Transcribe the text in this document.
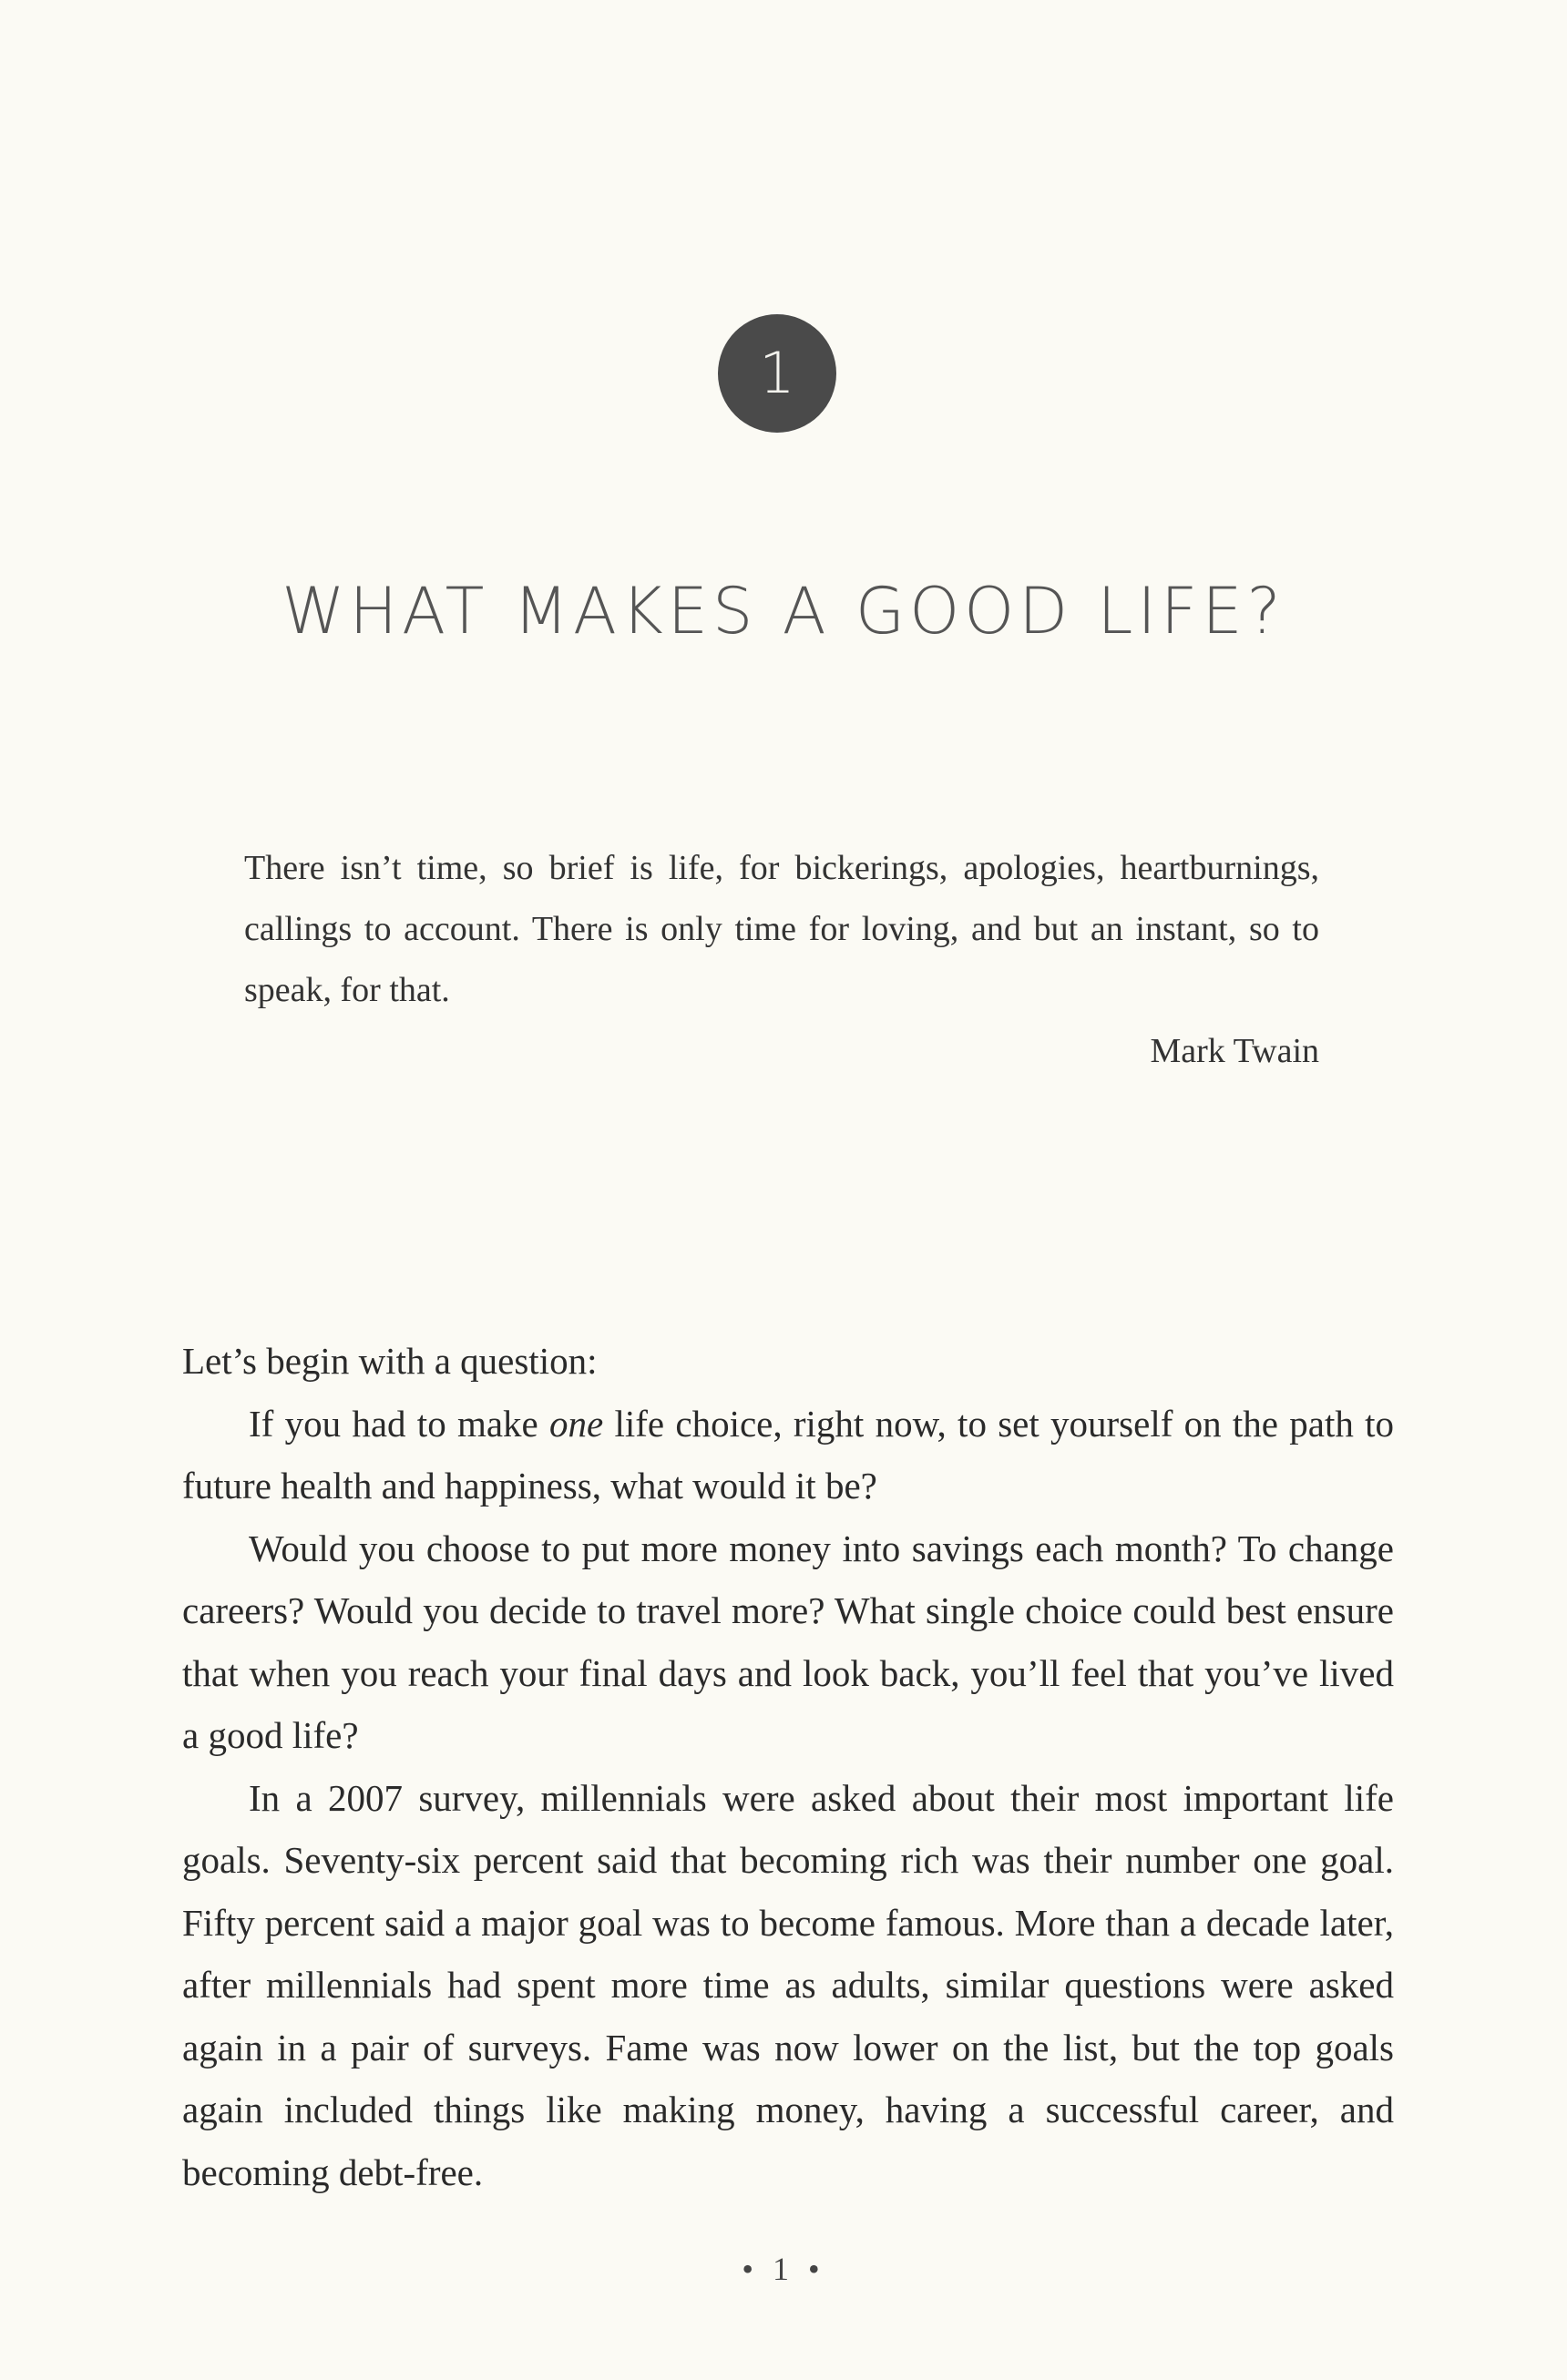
1
WHAT MAKES A GOOD LIFE?

There isn’t time, so brief is life, for bickerings, apologies, heartburnings, callings to account. There is only time for loving, and but an instant, so to speak, for that.

Mark Twain

Let’s begin with a question:

If you had to make one life choice, right now, to set yourself on the path to future health and happiness, what would it be?

Would you choose to put more money into savings each month? To change careers? Would you decide to travel more? What single choice could best ensure that when you reach your final days and look back, you’ll feel that you’ve lived a good life?

In a 2007 survey, millennials were asked about their most important life goals. Seventy-six percent said that becoming rich was their number one goal. Fifty percent said a major goal was to become famous. More than a decade later, after millennials had spent more time as adults, similar questions were asked again in a pair of surveys. Fame was now lower on the list, but the top goals again included things like making money, having a successful career, and becoming debt-free.

• 1 •
